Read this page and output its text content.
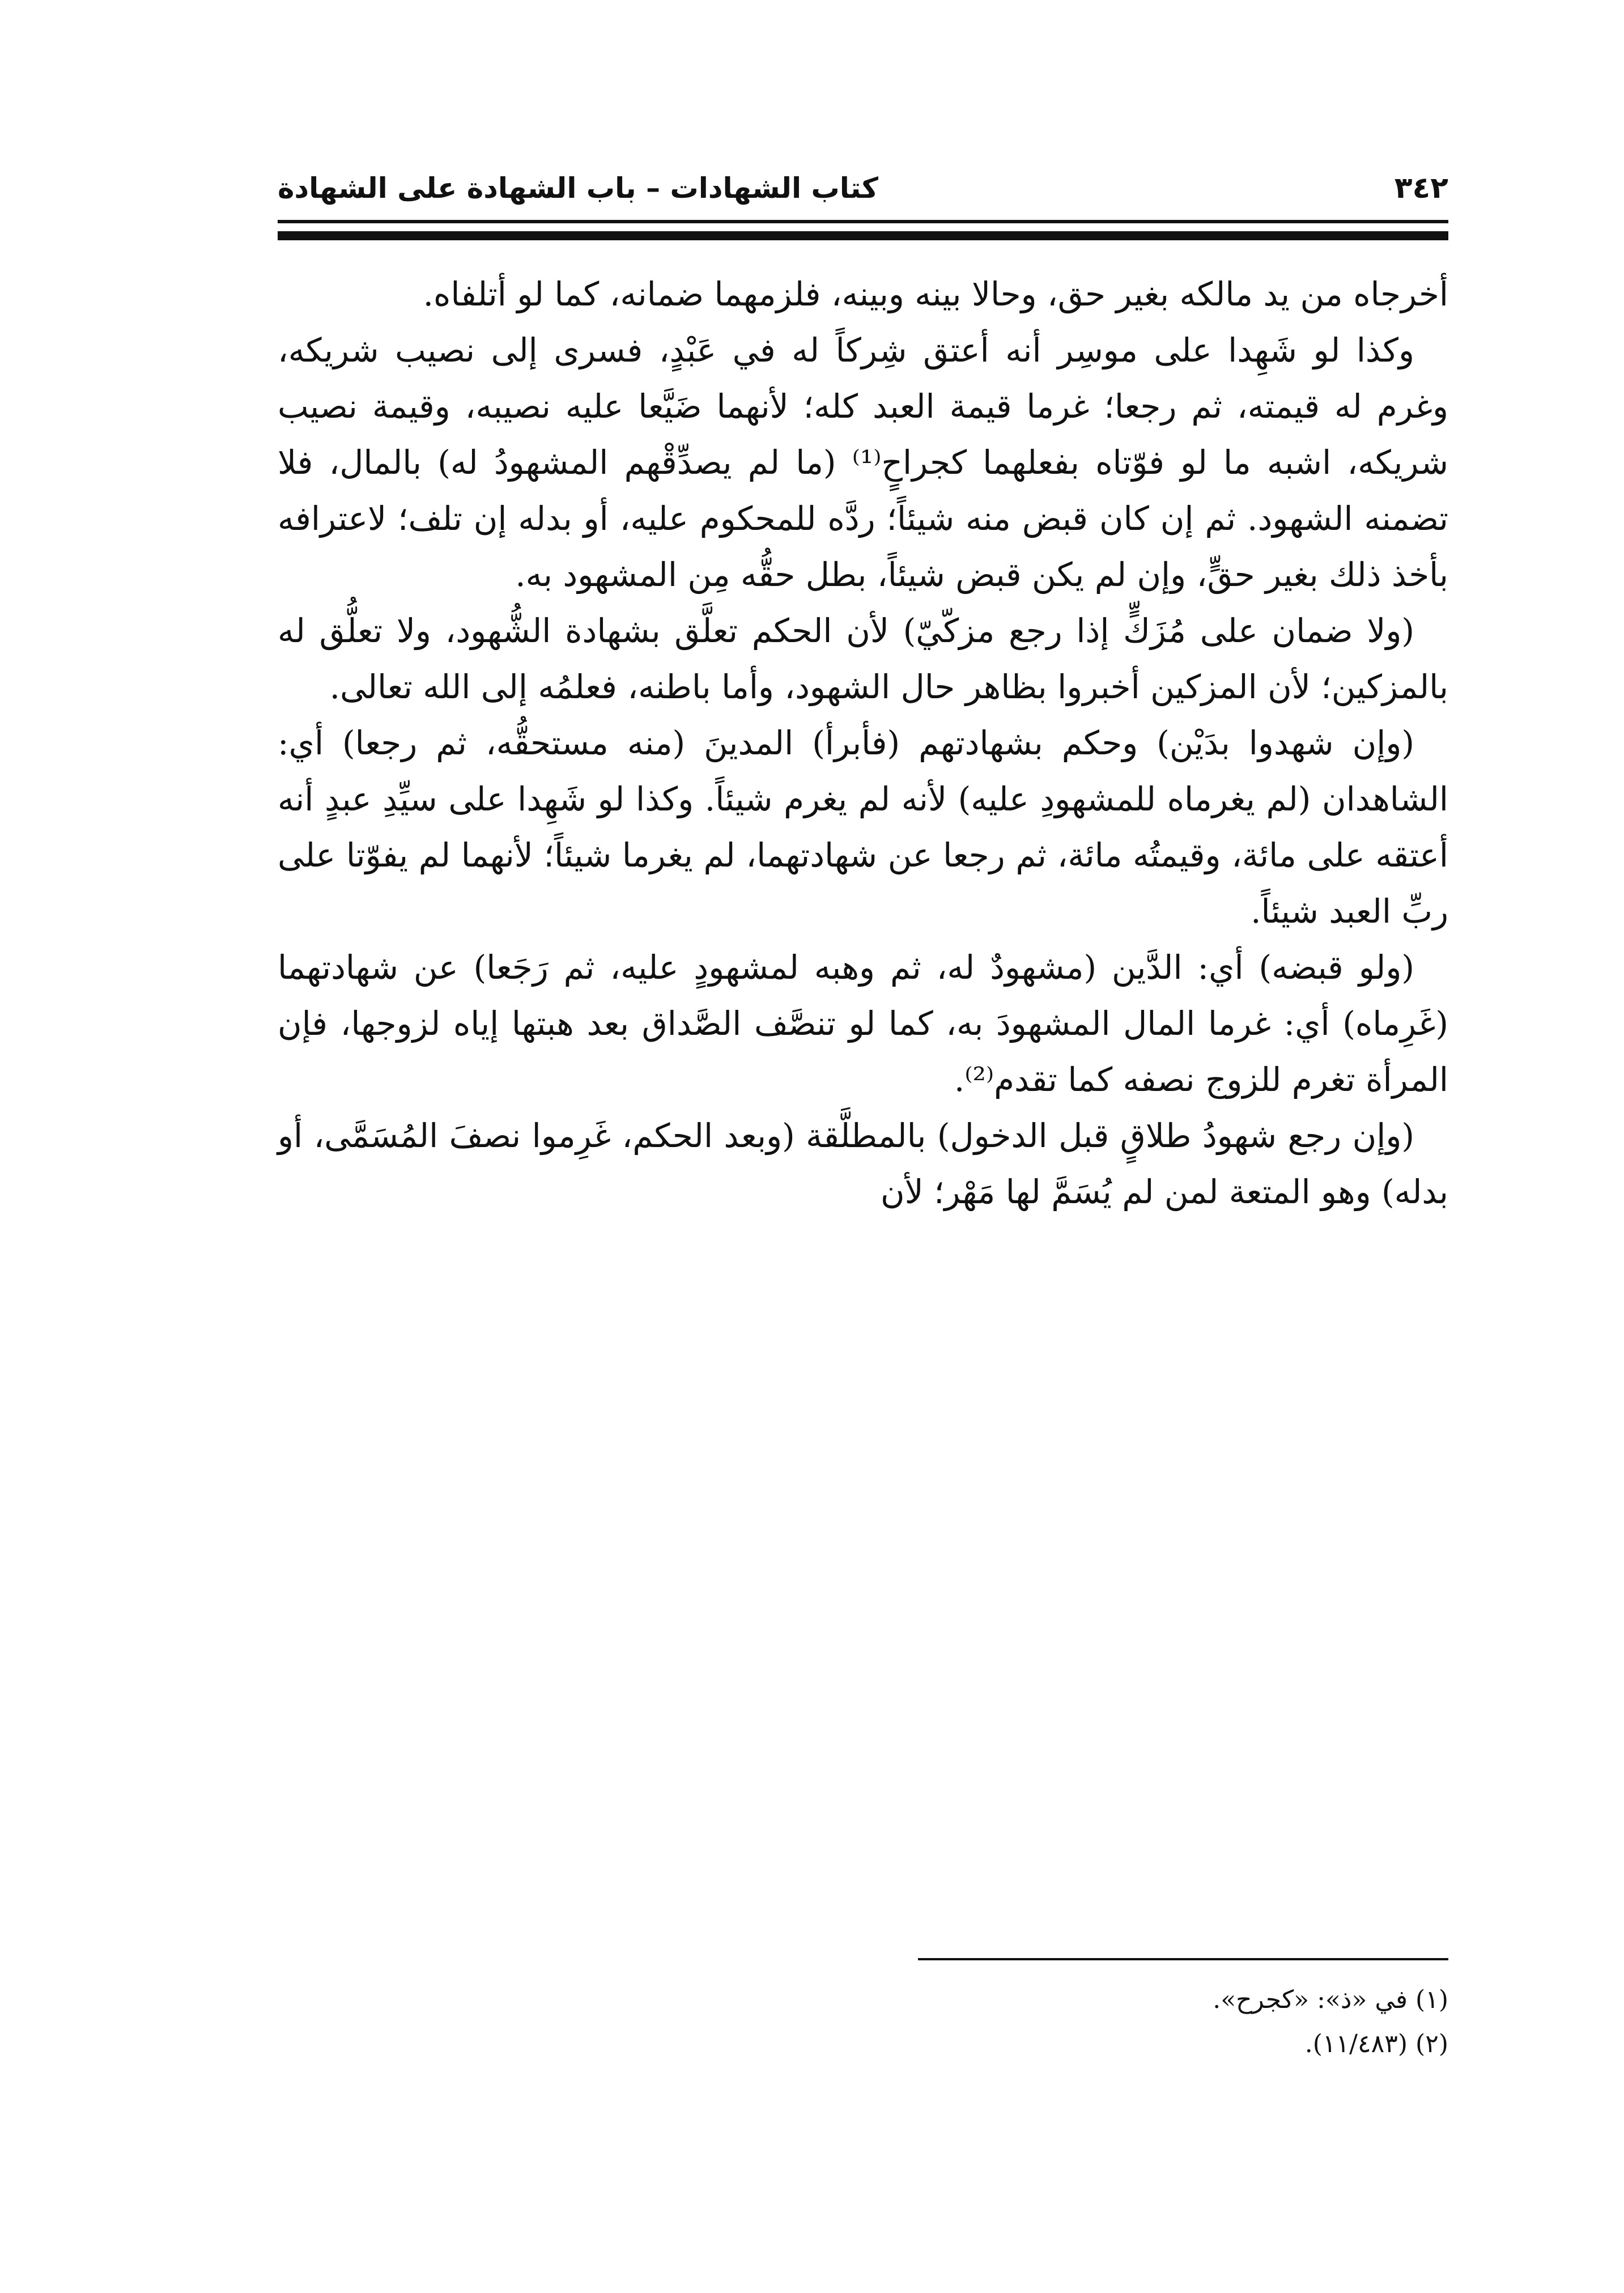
٣٤٢
كتاب الشهادات – باب الشهادة على الشهادة

أخرجاه من يد مالكه بغير حق، وحالا بينه وبينه، فلزمهما ضمانه، كما لو أتلفاه.

وكذا لو شَهِدا على موسِر أنه أعتق شِركاً له في عَبْدٍ، فسرى إلى نصيب شريكه، وغرم له قيمته، ثم رجعا؛ غرما قيمة العبد كله؛ لأنهما ضَيَّعا عليه نصيبه، وقيمة نصيب شريكه، اشبه ما لو فوّتاه بفعلهما كجراحٍ⁽¹⁾ (ما لم يصدِّقْهم المشهودُ له) بالمال، فلا تضمنه الشهود. ثم إن كان قبض منه شيئاً؛ ردَّه للمحكوم عليه، أو بدله إن تلف؛ لاعترافه بأخذ ذلك بغير حقٍّ، وإن لم يكن قبض شيئاً، بطل حقُّه مِن المشهود به.

(ولا ضمان على مُزَكٍّ إذا رجع مزكّيّ) لأن الحكم تعلَّق بشهادة الشُّهود، ولا تعلُّق له بالمزكين؛ لأن المزكين أخبروا بظاهر حال الشهود، وأما باطنه، فعلمُه إلى الله تعالى.

(وإن شهدوا بدَيْن) وحكم بشهادتهم (فأبرأ) المدينَ (منه مستحقُّه، ثم رجعا) أي: الشاهدان (لم يغرماه للمشهودِ عليه) لأنه لم يغرم شيئاً. وكذا لو شَهِدا على سيِّدِ عبدٍ أنه أعتقه على مائة، وقيمتُه مائة، ثم رجعا عن شهادتهما، لم يغرما شيئاً؛ لأنهما لم يفوّتا على ربِّ العبد شيئاً.

(ولو قبضه) أي: الدَّين (مشهودٌ له، ثم وهبه لمشهودٍ عليه، ثم رَجَعا) عن شهادتهما (غَرِماه) أي: غرما المال المشهودَ به، كما لو تنصَّف الصَّداق بعد هبتها إياه لزوجها، فإن المرأة تغرم للزوج نصفه كما تقدم⁽²⁾.

(وإن رجع شهودُ طلاقٍ قبل الدخول) بالمطلَّقة (وبعد الحكم، غَرِموا نصفَ المُسَمَّى، أو بدله) وهو المتعة لمن لم يُسَمَّ لها مَهْر؛ لأن

(١) في «ذ»: «كجرح».

(٢) (١١/٤٨٣).
